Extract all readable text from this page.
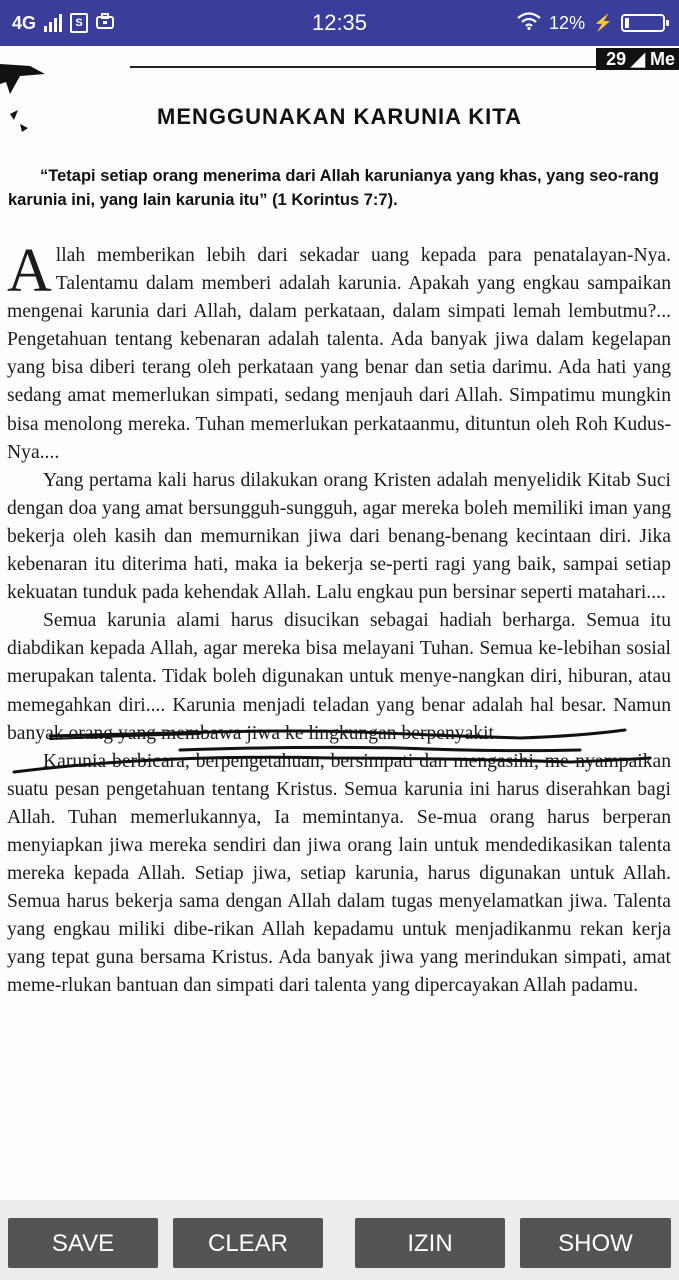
4G	S	12:35	12% ⚡
29 ◢ Me
MENGGUNAKAN KARUNIA KITA
“Tetapi setiap orang menerima dari Allah karunianya yang khas, yang seo-rang karunia ini, yang lain karunia itu” (1 Korintus 7:7).

Allah memberikan lebih dari sekadar uang kepada para penatalayan-Nya. Talentamu dalam memberi adalah karunia. Apakah yang engkau sampaikan mengenai karunia dari Allah, dalam perkataan, dalam simpati lemah lembutmu?... Pengetahuan tentang kebenaran adalah talenta. Ada banyak jiwa dalam kegelapan yang bisa diberi terang oleh perkataan yang benar dan setia darimu. Ada hati yang sedang amat memerlukan simpati, sedang menjauh dari Allah. Simpatimu mungkin bisa menolong mereka. Tuhan memerlukan perkataanmu, dituntun oleh Roh Kudus-Nya....

Yang pertama kali harus dilakukan orang Kristen adalah menyelidik Kitab Suci dengan doa yang amat bersungguh-sungguh, agar mereka boleh memiliki iman yang bekerja oleh kasih dan memurnikan jiwa dari benang-benang kecintaan diri. Jika kebenaran itu diterima hati, maka ia bekerja se-perti ragi yang baik, sampai setiap kekuatan tunduk pada kehendak Allah. Lalu engkau pun bersinar seperti matahari....

Semua karunia alami harus disucikan sebagai hadiah berharga. Semua itu diabdikan kepada Allah, agar mereka bisa melayani Tuhan. Semua ke-lebihan sosial merupakan talenta. Tidak boleh digunakan untuk menye-nangkan diri, hiburan, atau memegahkan diri.... Karunia menjadi teladan yang benar adalah hal besar. Namun banyak orang yang membawa jiwa ke lingkungan berpenyakit....

Karunia berbicara, berpengetahuan, bersimpati dan mengasihi, me-nyampaikan suatu pesan pengetahuan tentang Kristus. Semua karunia ini harus diserahkan bagi Allah. Tuhan memerlukannya, Ia memintanya. Se-mua orang harus berperan menyiapkan jiwa mereka sendiri dan jiwa orang lain untuk mendedikasikan talenta mereka kepada Allah. Setiap jiwa, setiap karunia, harus digunakan untuk Allah. Semua harus bekerja sama dengan Allah dalam tugas menyelamatkan jiwa. Talenta yang engkau miliki dibe-rikan Allah kepadamu untuk menjadikanmu rekan kerja yang tepat guna bersama Kristus. Ada banyak jiwa yang merindukan simpati, amat meme-rlukan bantuan dan simpati dari talenta yang dipercayakan Allah padamu.

SAVE	CLEAR	IZIN	SHOW
